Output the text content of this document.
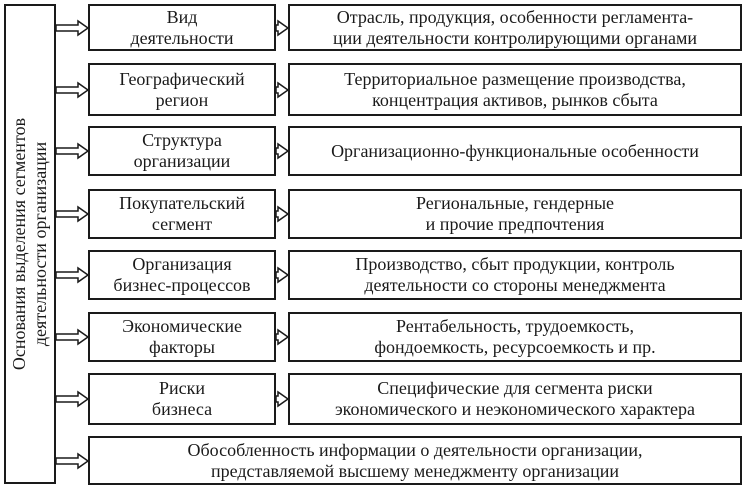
Основания выделения сегментов деятельности организации
Вид
деятельности
Отрасль, продукция, особенности регламента-
ции деятельности контролирующими органами
Географический
регион
Территориальное размещение производства,
концентрация активов, рынков сбыта
Структура
организации
Организационно-функциональные особенности
Покупательский
сегмент
Региональные, гендерные
и прочие предпочтения
Организация
бизнес-процессов
Производство, сбыт продукции, контроль
деятельности со стороны менеджмента
Экономические
факторы
Рентабельность, трудоемкость,
фондоемкость, ресурсоемкость и пр.
Риски
бизнеса
Специфические для сегмента риски
экономического и неэкономического характера
Обособленность информации о деятельности организации,
представляемой высшему менеджменту организации
